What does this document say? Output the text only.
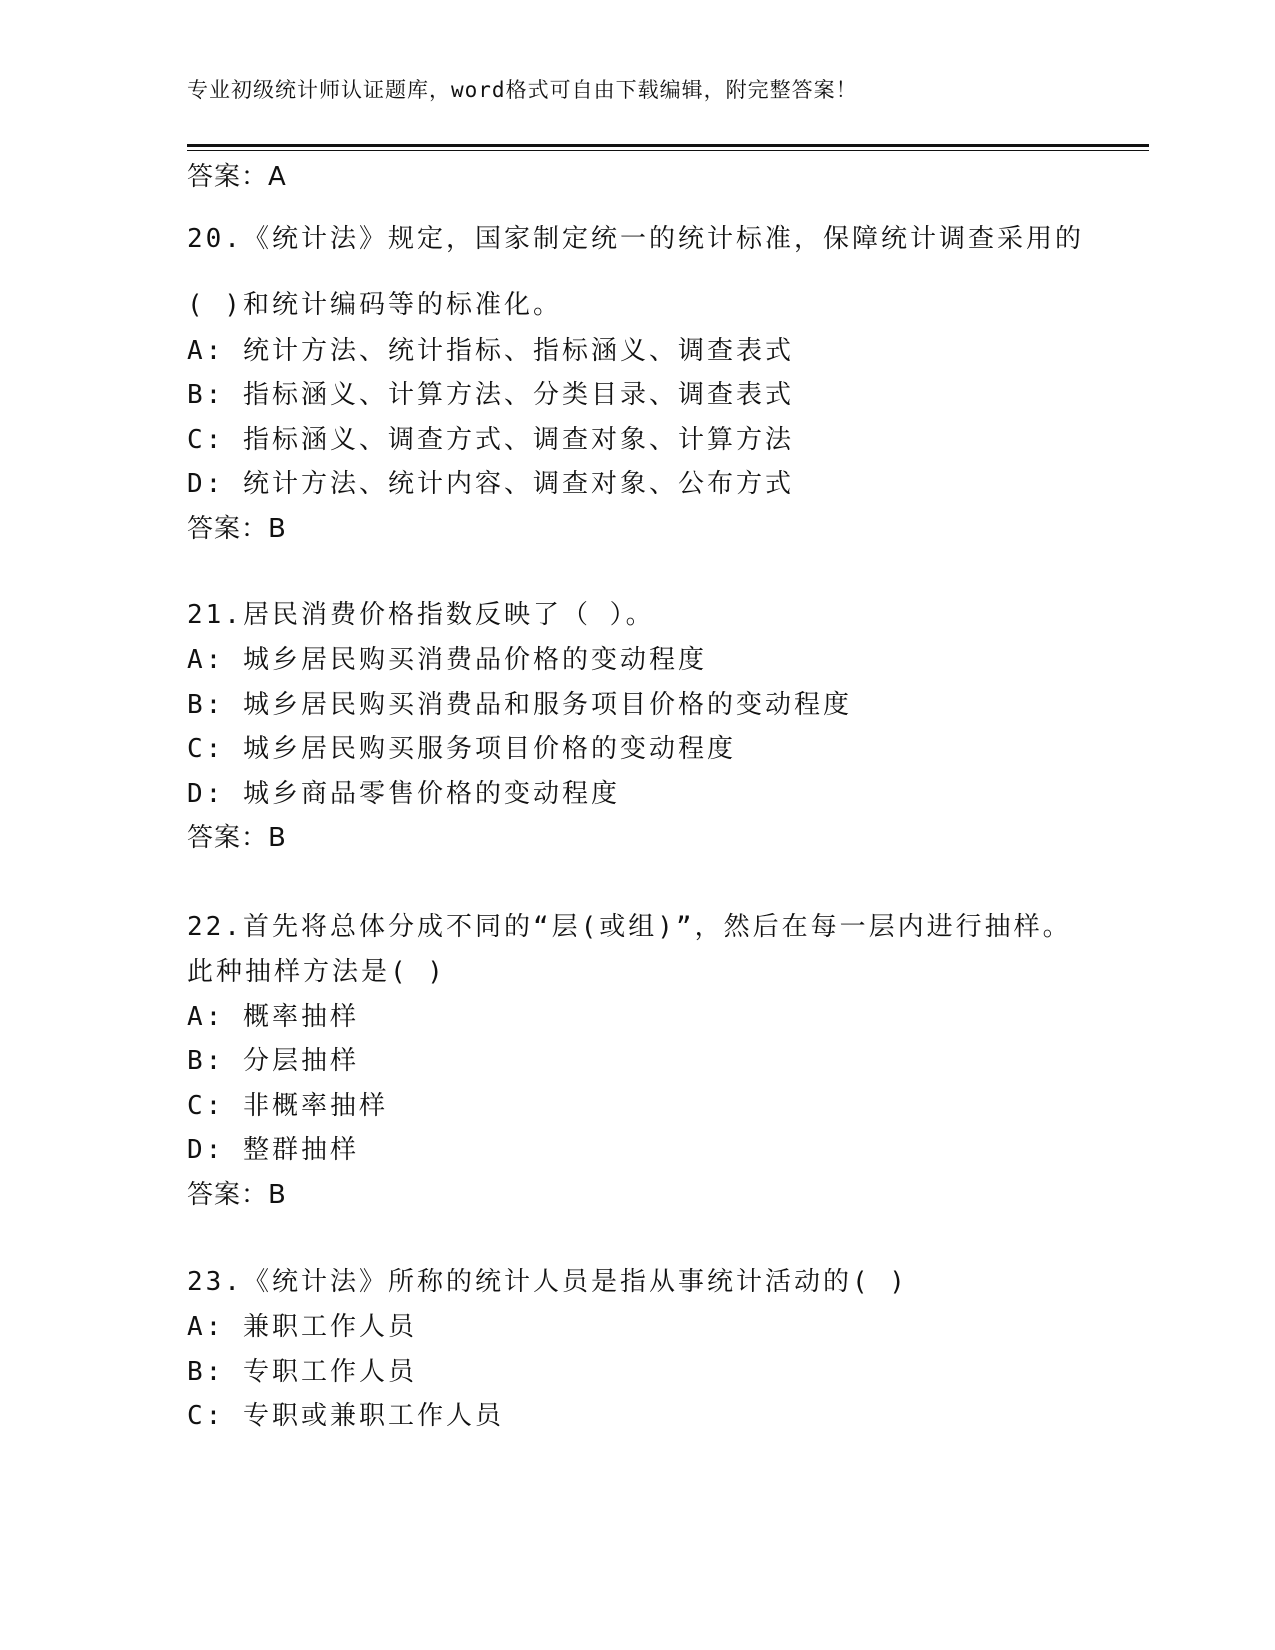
专业初级统计师认证题库，word格式可自由下载编辑，附完整答案！
答案：A
20.《统计法》规定，国家制定统一的统计标准，保障统计调查采用的
( )和统计编码等的标准化。
A: 统计方法、统计指标、指标涵义、调查表式
B: 指标涵义、计算方法、分类目录、调查表式
C: 指标涵义、调查方式、调查对象、计算方法
D: 统计方法、统计内容、调查对象、公布方式
答案：B
21.居民消费价格指数反映了（ ）。
A: 城乡居民购买消费品价格的变动程度
B: 城乡居民购买消费品和服务项目价格的变动程度
C: 城乡居民购买服务项目价格的变动程度
D: 城乡商品零售价格的变动程度
答案：B
22.首先将总体分成不同的“层(或组)”，然后在每一层内进行抽样。
此种抽样方法是( )
A: 概率抽样
B: 分层抽样
C: 非概率抽样
D: 整群抽样
答案：B
23.《统计法》所称的统计人员是指从事统计活动的( )
A: 兼职工作人员
B: 专职工作人员
C: 专职或兼职工作人员
